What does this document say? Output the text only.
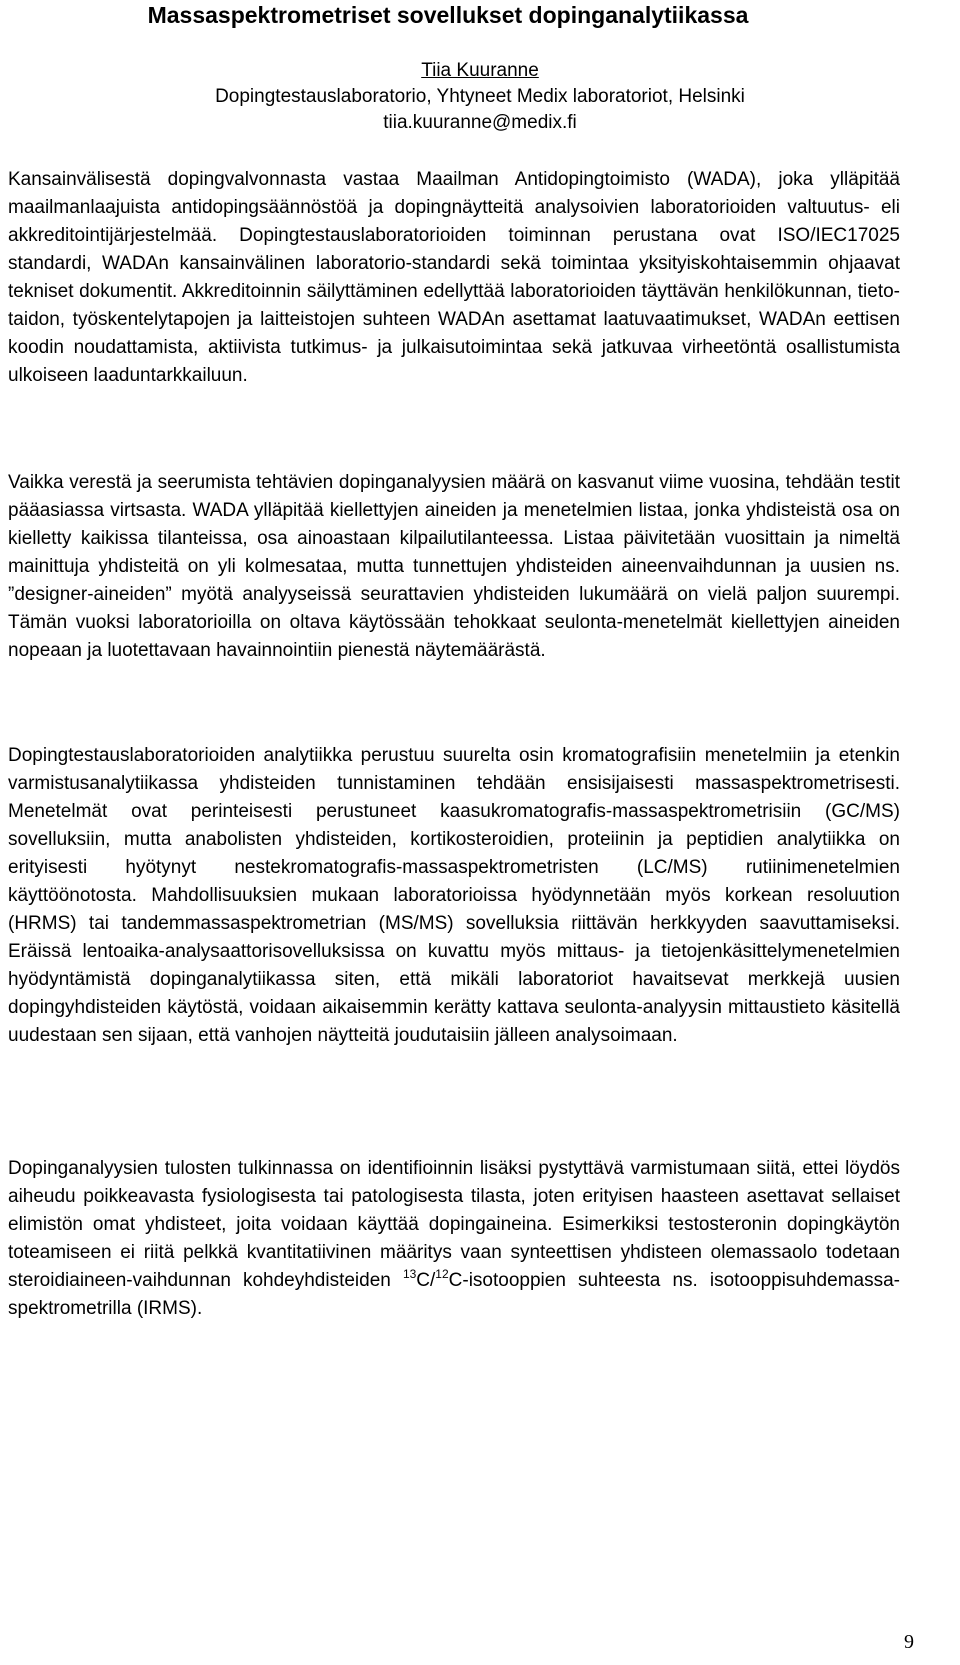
Massaspektrometriset sovellukset dopinganalytiikassa
Tiia Kuuranne
Dopingtestauslaboratorio, Yhtyneet Medix laboratoriot, Helsinki
tiia.kuuranne@medix.fi
Kansainvälisestä dopingvalvonnasta vastaa Maailman Antidopingtoimisto (WADA), joka ylläpitää maailmanlaajuista antidopingsäännöstöä ja dopingnäytteitä analysoivien laboratorioiden valtuutus- eli akkreditointijärjestelmää. Dopingtestauslaboratorioiden toiminnan perustana ovat ISO/IEC17025 standardi, WADAn kansainvälinen laboratorio-standardi sekä toimintaa yksityiskohtaisemmin ohjaavat tekniset dokumentit. Akkreditoinnin säilyttäminen edellyttää laboratorioiden täyttävän henkilökunnan, tieto-taidon, työskentelytapojen ja laitteistojen suhteen WADAn asettamat laatuvaatimukset, WADAn eettisen koodin noudattamista, aktiivista tutkimus- ja julkaisutoimintaa sekä jatkuvaa virheetöntä osallistumista ulkoiseen laaduntarkkailuun.
Vaikka verestä ja seerumista tehtävien dopinganalyysien määrä on kasvanut viime vuosina, tehdään testit pääasiassa virtsasta. WADA ylläpitää kiellettyjen aineiden ja menetelmien listaa, jonka yhdisteistä osa on kielletty kaikissa tilanteissa, osa ainoastaan kilpailutilanteessa. Listaa päivitetään vuosittain ja nimeltä mainittuja yhdisteitä on yli kolmesataa, mutta tunnettujen yhdisteiden aineenvaihdunnan ja uusien ns. ”designer-aineiden” myötä analyyseissä seurattavien yhdisteiden lukumäärä on vielä paljon suurempi. Tämän vuoksi laboratorioilla on oltava käytössään tehokkaat seulonta-menetelmät kiellettyjen aineiden nopeaan ja luotettavaan havainnointiin pienestä näytemäärästä.
Dopingtestauslaboratorioiden analytiikka perustuu suurelta osin kromatografisiin menetelmiin ja etenkin varmistusanalytiikassa yhdisteiden tunnistaminen tehdään ensisijaisesti massaspektrometrisesti. Menetelmät ovat perinteisesti perustuneet kaasukromatografis-massaspektrometrisiin (GC/MS) sovelluksiin, mutta anabolisten yhdisteiden, kortikosteroidien, proteiinin ja peptidien analytiikka on erityisesti hyötynyt nestekromatografis-massaspektrometristen (LC/MS) rutiinimenetelmien käyttöönotosta. Mahdollisuuksien mukaan laboratorioissa hyödynnetään myös korkean resoluution (HRMS) tai tandemmassaspektrometrian (MS/MS) sovelluksia riittävän herkkyyden saavuttamiseksi. Eräissä lentoaika-analysaattorisovelluksissa on kuvattu myös mittaus- ja tietojenkäsittelymenetelmien hyödyntämistä dopinganalytiikassa siten, että mikäli laboratoriot havaitsevat merkkejä uusien dopingyhdisteiden käytöstä, voidaan aikaisemmin kerätty kattava seulonta-analyysin mittaustieto käsitellä uudestaan sen sijaan, että vanhojen näytteitä joudutaisiin jälleen analysoimaan.
Dopinganalyysien tulosten tulkinnassa on identifioinnin lisäksi pystyttävä varmistumaan siitä, ettei löydös aiheudu poikkeavasta fysiologisesta tai patologisesta tilasta, joten erityisen haasteen asettavat sellaiset elimistön omat yhdisteet, joita voidaan käyttää dopingaineina. Esimerkiksi testosteronin dopingkäytön toteamiseen ei riitä pelkkä kvantitatiivinen määritys vaan synteettisen yhdisteen olemassaolo todetaan steroidiaineen-vaihdunnan kohdeyhdisteiden $^{13}$C/$^{12}$C-isotooppien suhteesta ns. isotooppisuhdemassa-spektrometrilla (IRMS).
9
